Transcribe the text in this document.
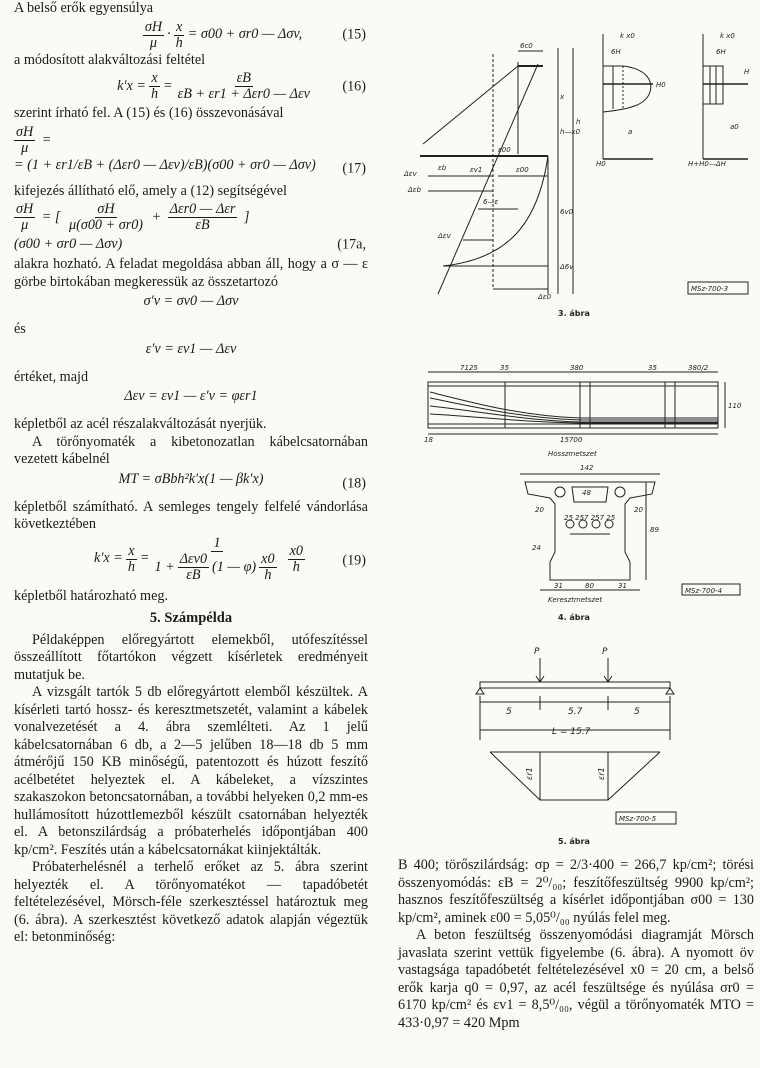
A belső erők egyensúlya

$\frac{\sigma H}{\mu} \cdot \frac{x}{h} = \sigma 00 + \sigma r0$ — Δσv,	(15)

a módosított alakváltozási feltétel

$k'x = \frac{x}{h} = \frac{\varepsilon B}{\text{εB + εr1 + Δεr0 — Δεv}} (16)$

szerint írható fel. A (15) és (16) összevonásával

$\frac{\sigma H}{\mu}$ =
= (1 + εr1/εB + (Δεr0 — Δεv)/εB)(σ00 + σr0 — Δσv)	(17)

kifejezés állítható elő, amely a (12) segítségével

$\frac{\sigma H}{\mu}$ = [ $\frac{\sigma H}{\mu(\sigma 00 + \sigma r0)} + \frac{\text{Δεr0 — Δεr}}{\varepsilon B}$ ]
(σ00 + σr0 — Δσv)	(17a,

alakra hozható. A feladat megoldása abban áll, hogy a σ — ε görbe birtokában megkeressük az összetartozó

σ′v = σv0 — Δσv

és

ε′v = εv1 — Δεv

értéket, majd

Δεv = εv1 — ε′v = φεr1

képletből az acél részalakváltozását nyerjük.

A törőnyomaték a kibetonozatlan kábelcsatornában vezetett kábelnél

MT = σBbh²k′x(1 — βk′x)	(18)

képletből számítható. A semleges tengely felfelé vándorlása következtében

$k'x = \frac{x}{h} = \frac{1}{1 + \frac{\text{Δεv0}}{\varepsilon B} (1 — \varphi) \frac{x0}{h}} \frac{x0}{h}$	(19)

képletből határozható meg.

5. Számpélda

Példaképpen előregyártott elemekből, utófeszítéssel összeállított főtartókon végzett kísérletek eredményeit mutatjuk be.

A vizsgált tartók 5 db előregyártott elemből készültek. A kísérleti tartó hossz- és keresztmetszetét, valamint a kábelek vonalvezetését a 4. ábra szemlélteti. Az 1 jelű kábelcsatornában 6 db, a 2—5 jelűben 18—18 db 5 mm átmérőjű 150 KB minőségű, patentozott és húzott feszítő acélbetétet helyeztek el. A kábeleket, a vízszintes szakaszokon betoncsatornában, a további helyeken 0,2 mm-es hullámosított húzottlemezből készült csatornában helyezték el. A betonszilárdság a próbaterhelés időpontjában 400 kp/cm². Feszítés után a kábelcsatornákat kiinjektálták.

Próbaterhelésnél a terhelő erőket az 5. ábra szerint helyezték el. A törőnyomatékot — tapadóbetét feltételezésével, Mörsch-féle szerkesztéssel határoztuk meg (6. ábra). A szerkesztést következő adatok alapján végeztük el: betonminőség:

6c0
ε00
εb	εv1	ε00
6—ε
Δεv
Δεb
Δεv
x
h—x0
h
6v0
Δ6v
Δε0
6H
k x0
H0
a
H0
6H
k x0
H
a0
H+H0—ΔH
MSz-700-3
3. ábra
7125	35	380	35	380/2
110
18	15700
Hosszmetszet
142
48
20	20
25 257 257 25
89
24
31	80	31
Keresztmetszet
MSz-700-4
4. ábra
P	P
5	5.7	5
L = 15.7
εr1	εr1
MSz-700-5
5. ábra

B 400; törőszilárdság: σp = 2/3·400 = 266,7 kp/cm²; törési összenyomódás: εB = 2⁰/₀₀; feszítőfeszültség 9900 kp/cm²; hasznos feszítőfeszültség a kísérlet időpontjában σ00 = 130 kp/cm², aminek ε00 = 5,05⁰/₀₀ nyúlás felel meg.

A beton feszültség összenyomódási diagramját Mörsch javaslata szerint vettük figyelembe (6. ábra). A nyomott öv vastagsága tapadóbetét feltételezésével x0 = 20 cm, a belső erők karja q0 = 0,97, az acél feszültsége és nyúlása σr0 = 6170 kp/cm² és εv1 = 8,5⁰/₀₀, végül a törőnyomaték MTO = 433·0,97 = 420 Mpm
